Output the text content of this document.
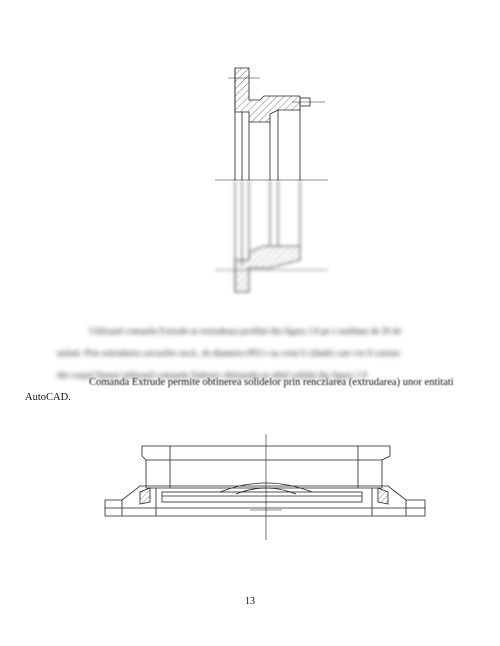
Utilizand comanda Extrude se extrudeaza profilul din figura 1.8 pe o inaltime de 20 de
unitati. Prin extrudarea cercurilor ascd., de diametru Ø53 s au creat 6 cilindri care vor fi extrusi
din corpul flansei utilizand comanda Subtract obtinandu-se ablel solidul din figura 1.9
Comanda Extrude permite obtinerea solidelor prin rencziarea (extrudarea) unor entitati
AutoCAD.
13
